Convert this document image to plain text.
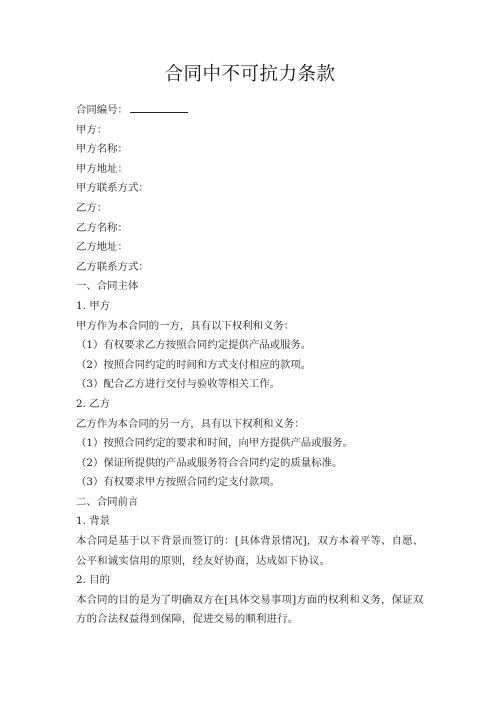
合同中不可抗力条款
合同编号：
甲方：
甲方名称：
甲方地址：
甲方联系方式：
乙方：
乙方名称：
乙方地址：
乙方联系方式：
一、合同主体
1. 甲方
甲方作为本合同的一方，具有以下权利和义务：
（1）有权要求乙方按照合同约定提供产品或服务。
（2）按照合同约定的时间和方式支付相应的款项。
（3）配合乙方进行交付与验收等相关工作。
2. 乙方
乙方作为本合同的另一方，具有以下权利和义务：
（1）按照合同约定的要求和时间，向甲方提供产品或服务。
（2）保证所提供的产品或服务符合合同约定的质量标准。
（3）有权要求甲方按照合同约定支付款项。
二、合同前言
1. 背景
本合同是基于以下背景而签订的：[具体背景情况]，双方本着平等、自愿、公平和诚实信用的原则，经友好协商，达成如下协议。
2. 目的
本合同的目的是为了明确双方在[具体交易事项]方面的权利和义务，保证双方的合法权益得到保障，促进交易的顺利进行。
